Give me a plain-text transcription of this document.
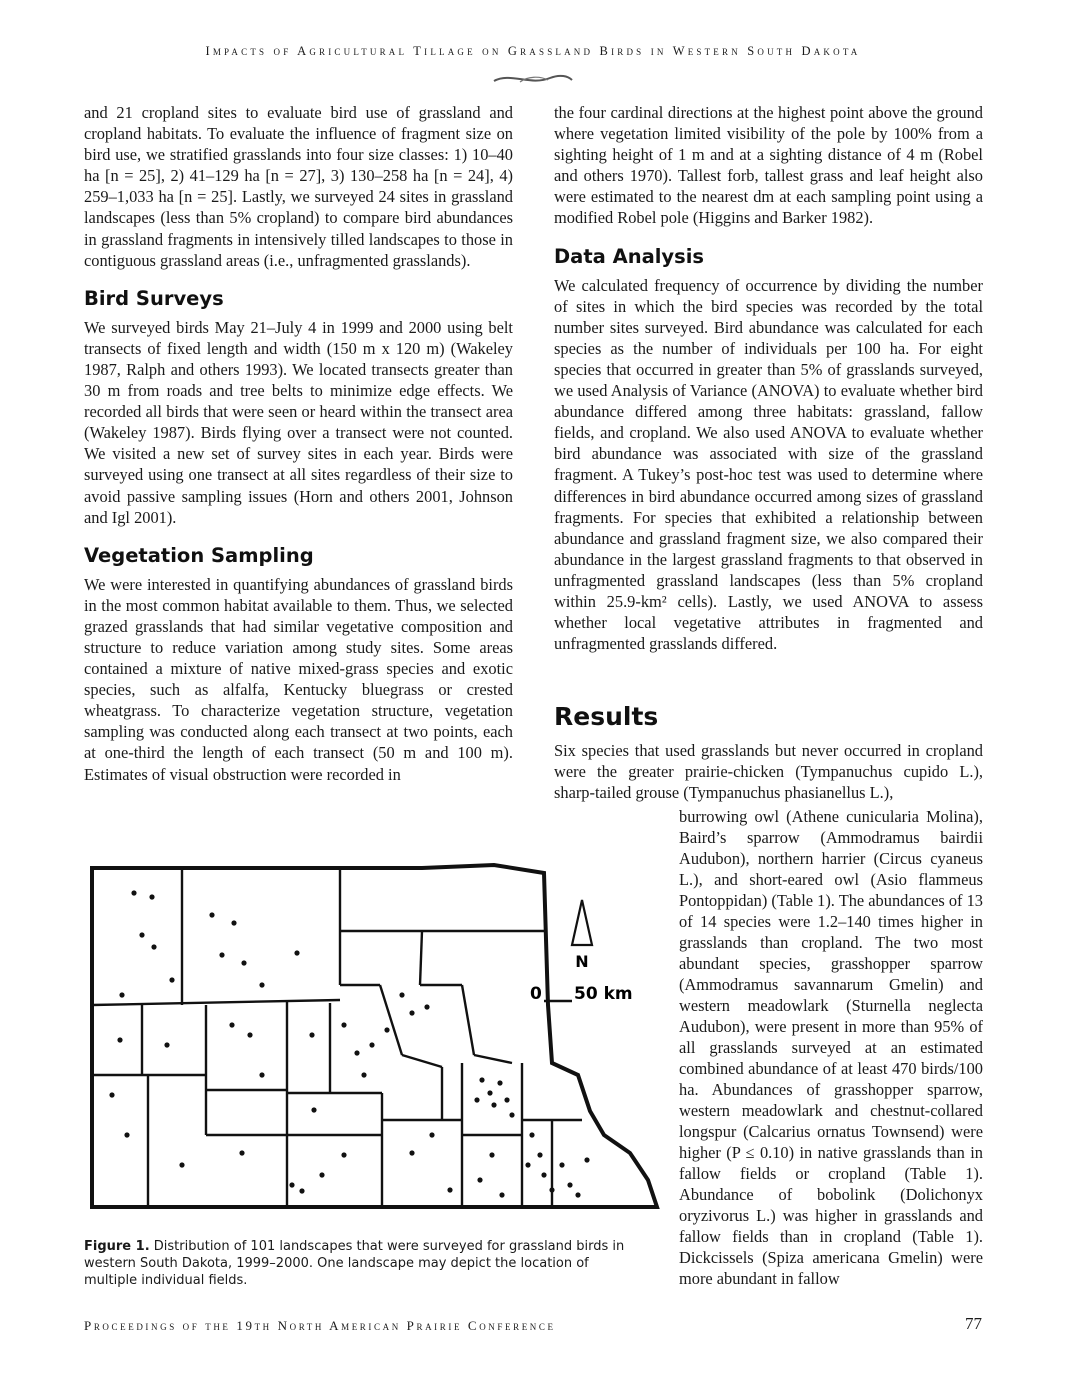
Impacts of Agricultural Tillage on Grassland Birds in Western South Dakota

and 21 cropland sites to evaluate bird use of grassland and cropland habitats. To evaluate the influence of fragment size on bird use, we stratified grasslands into four size classes: 1) 10–40 ha [n = 25], 2) 41–129 ha [n = 27], 3) 130–258 ha [n = 24], 4) 259–1,033 ha [n = 25]. Lastly, we surveyed 24 sites in grassland landscapes (less than 5% cropland) to compare bird abundances in grassland fragments in intensively tilled landscapes to those in contiguous grassland areas (i.e., unfragmented grasslands).

Bird Surveys

We surveyed birds May 21–July 4 in 1999 and 2000 using belt transects of fixed length and width (150 m x 120 m) (Wakeley 1987, Ralph and others 1993). We located transects greater than 30 m from roads and tree belts to minimize edge effects. We recorded all birds that were seen or heard within the transect area (Wakeley 1987). Birds flying over a transect were not counted. We visited a new set of survey sites in each year. Birds were surveyed using one transect at all sites regardless of their size to avoid passive sampling issues (Horn and others 2001, Johnson and Igl 2001).

Vegetation Sampling

We were interested in quantifying abundances of grassland birds in the most common habitat available to them. Thus, we selected grazed grasslands that had similar vegetative composition and structure to reduce variation among study sites. Some areas contained a mixture of native mixed-grass species and exotic species, such as alfalfa, Kentucky bluegrass or crested wheatgrass. To characterize vegetation structure, vegetation sampling was conducted along each transect at two points, each at one-third the length of each transect (50 m and 100 m). Estimates of visual obstruction were recorded in

the four cardinal directions at the highest point above the ground where vegetation limited visibility of the pole by 100% from a sighting height of 1 m and at a sighting distance of 4 m (Robel and others 1970). Tallest forb, tallest grass and leaf height also were estimated to the nearest dm at each sampling point using a modified Robel pole (Higgins and Barker 1982).

Data Analysis

We calculated frequency of occurrence by dividing the number of sites in which the bird species was recorded by the total number sites surveyed. Bird abundance was calculated for each species as the number of individuals per 100 ha. For eight species that occurred in greater than 5% of grasslands surveyed, we used Analysis of Variance (ANOVA) to evaluate whether bird abundance differed among three habitats: grassland, fallow fields, and cropland. We also used ANOVA to evaluate whether bird abundance was associated with size of the grassland fragment. A Tukey’s post-hoc test was used to determine where differences in bird abundance occurred among sizes of grassland fragments. For species that exhibited a relationship between abundance and grassland fragment size, we also compared their abundance in the largest grassland fragments to that observed in unfragmented grassland landscapes (less than 5% cropland within 25.9-km² cells). Lastly, we used ANOVA to assess whether local vegetative attributes in fragmented and unfragmented grasslands differed.

Results

Six species that used grasslands but never occurred in cropland were the greater prairie-chicken (Tympanuchus cupido L.), sharp-tailed grouse (Tympanuchus phasianellus L.),

burrowing owl (Athene cunicularia Molina), Baird’s sparrow (Ammodramus bairdii Audubon), northern harrier (Circus cyaneus L.), and short-eared owl (Asio flammeus Pontoppidan) (Table 1). The abundances of 13 of 14 species were 1.2–140 times higher in grasslands than cropland. The two most abundant species, grasshopper sparrow (Ammodramus savannarum Gmelin) and western meadowlark (Sturnella neglecta Audubon), were present in more than 95% of all grasslands surveyed at an estimated combined abundance of at least 470 birds/100 ha. Abundances of grasshopper sparrow, western meadowlark and chestnut-collared longspur (Calcarius ornatus Townsend) were higher (P ≤ 0.10) in native grasslands than in fallow fields or cropland (Table 1). Abundance of bobolink (Dolichonyx oryzivorus L.) was higher in grasslands and fallow fields than in cropland (Table 1). Dickcissels (Spiza americana Gmelin) were more abundant in fallow

N
0 50 km
Figure 1. Distribution of 101 landscapes that were surveyed for grassland birds in western South Dakota, 1999–2000. One landscape may depict the location of multiple individual fields.
Proceedings of the 19th North American Prairie Conference	77
